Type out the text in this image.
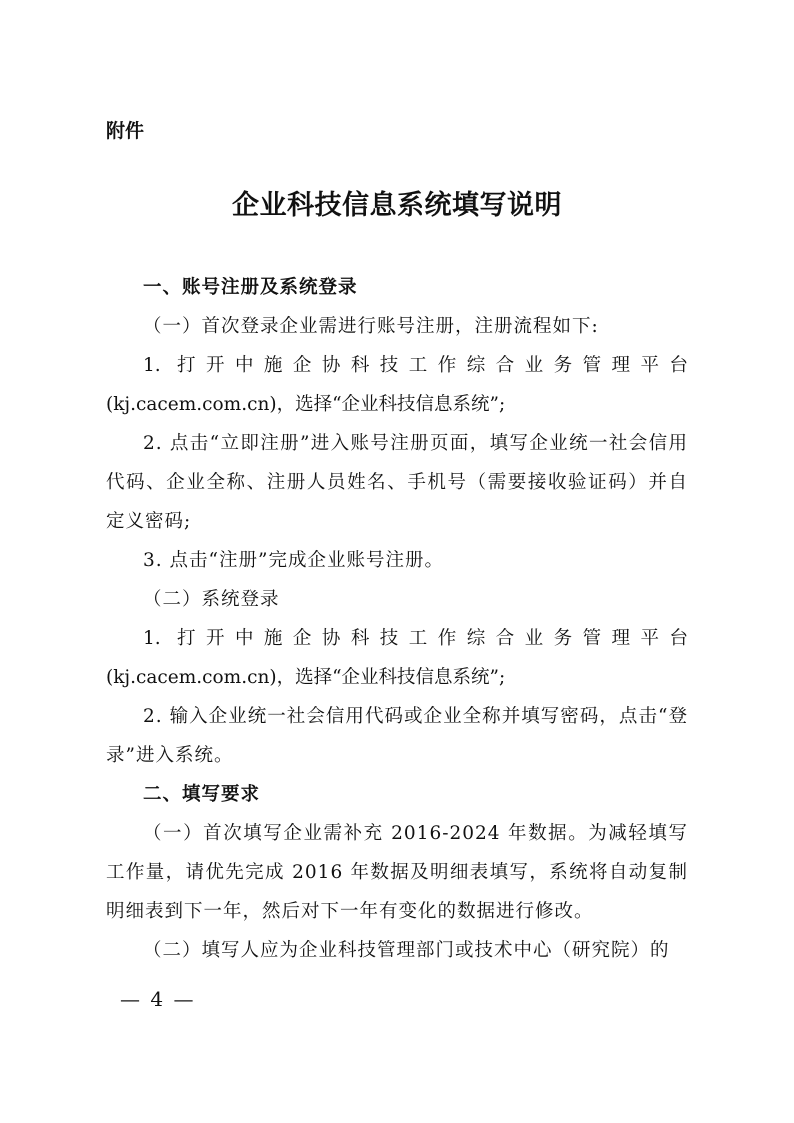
附件
企业科技信息系统填写说明

一、账号注册及系统登录

（一）首次登录企业需进行账号注册，注册流程如下:

1. 打开中施企协科技工作综合业务管理平台(kj.cacem.com.cn)，选择“企业科技信息系统”;

2. 点击“立即注册”进入账号注册页面，填写企业统一社会信用代码、企业全称、注册人员姓名、手机号（需要接收验证码）并自定义密码;

3. 点击“注册”完成企业账号注册。

（二）系统登录

1. 打开中施企协科技工作综合业务管理平台(kj.cacem.com.cn)，选择“企业科技信息系统”;

2. 输入企业统一社会信用代码或企业全称并填写密码，点击“登录”进入系统。

二、填写要求

（一）首次填写企业需补充 2016-2024 年数据。为减轻填写工作量，请优先完成 2016 年数据及明细表填写，系统将自动复制明细表到下一年，然后对下一年有变化的数据进行修改。

（二）填写人应为企业科技管理部门或技术中心（研究院）的

— 4 —
